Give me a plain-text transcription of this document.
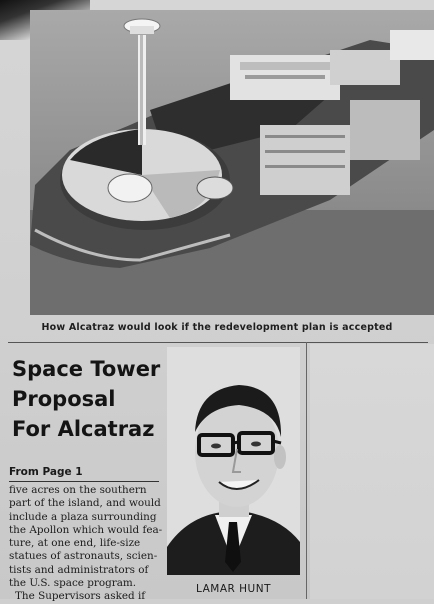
How Alcatraz would look if the redevelopment plan is accepted
Space Tower
Proposal
For Alcatraz
From Page 1
five acres on the southern
part of the island, and would
include a plaza surrounding
the Apollon which would fea-
ture, at one end, life-size
statues of astronauts, scien-
tists and administrators of
the U.S. space program.
The Supervisors asked if
LAMAR HUNT
